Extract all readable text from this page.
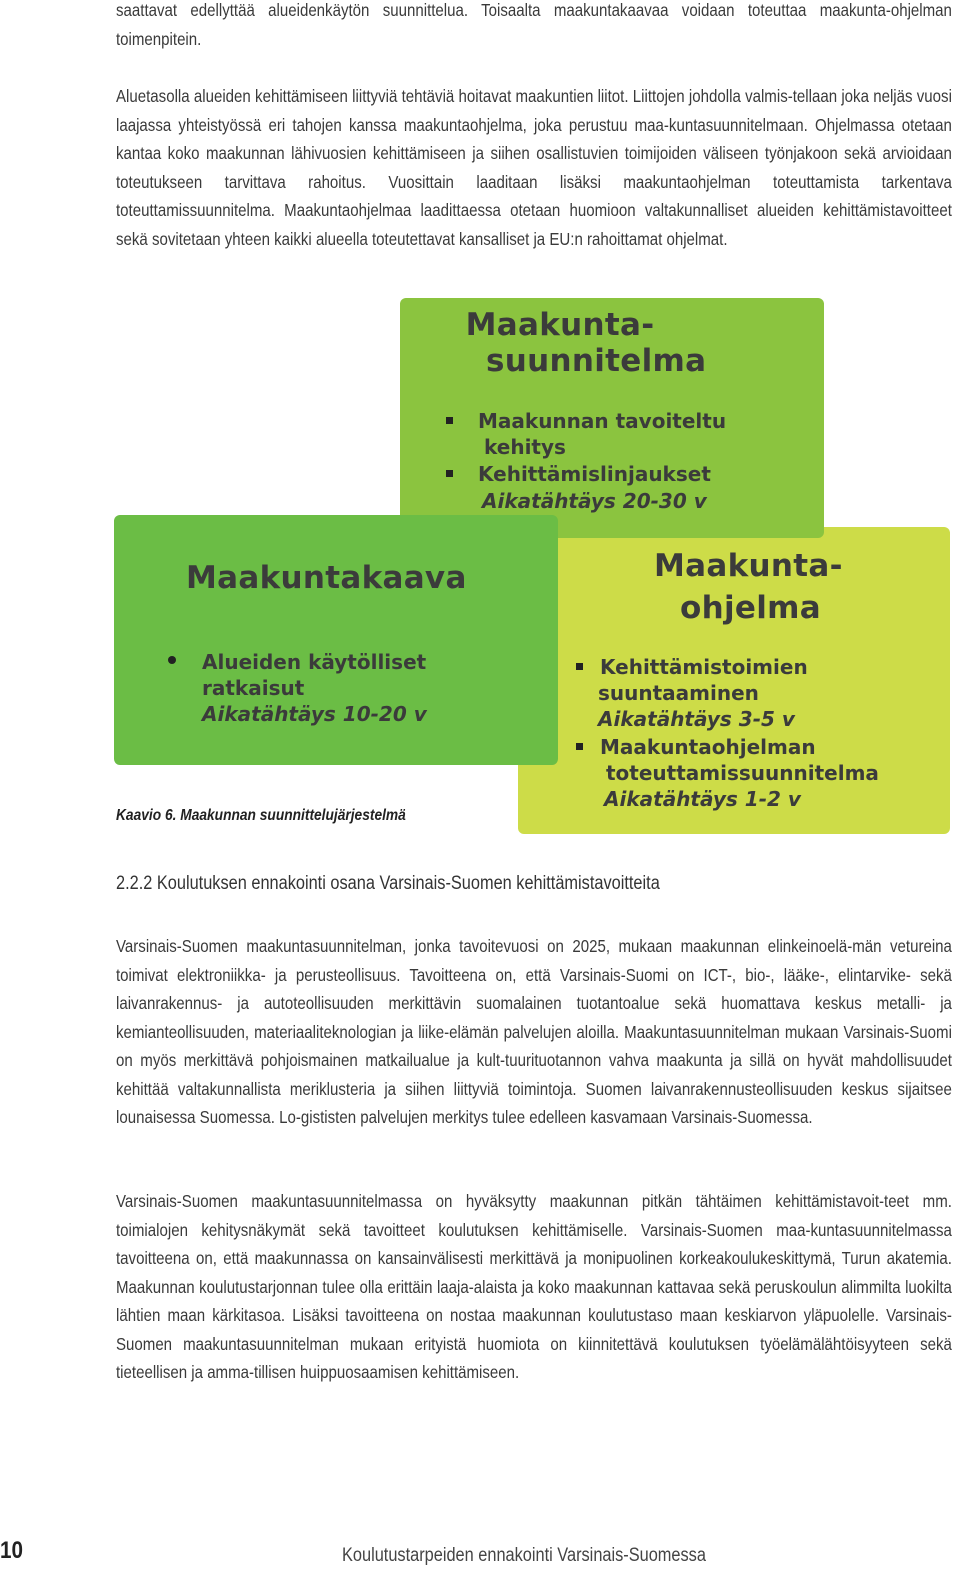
saattavat edellyttää alueidenkäytön suunnittelua. Toisaalta maakuntakaavaa voidaan toteuttaa maakunta-ohjelman toimenpitein.

Aluetasolla alueiden kehittämiseen liittyviä tehtäviä hoitavat maakuntien liitot. Liittojen johdolla valmis-tellaan joka neljäs vuosi laajassa yhteistyössä eri tahojen kanssa maakuntaohjelma, joka perustuu maa-kuntasuunnitelmaan. Ohjelmassa otetaan kantaa koko maakunnan lähivuosien kehittämiseen ja siihen osallistuvien toimijoiden väliseen työnjakoon sekä arvioidaan toteutukseen tarvittava rahoitus. Vuosittain laaditaan lisäksi maakuntaohjelman toteuttamista tarkentava toteuttamissuunnitelma. Maakuntaohjelmaa laadittaessa otetaan huomioon valtakunnalliset alueiden kehittämistavoitteet sekä sovitetaan yhteen kaikki alueella toteutettavat kansalliset ja EU:n rahoittamat ohjelmat.

Maakunta-

suunnitelma

Maakunnan tavoiteltu

kehitys

Kehittämislinjaukset

Aikatähtäys 20-30 v

Maakunta-

ohjelma

Kehittämistoimien

suuntaaminen

Aikatähtäys 3-5 v

Maakuntaohjelman

toteuttamissuunnitelma

Aikatähtäys 1-2 v

Maakuntakaava

Alueiden käytölliset

ratkaisut

Aikatähtäys 10-20 v

Kaavio 6. Maakunnan suunnittelujärjestelmä

2.2.2 Koulutuksen ennakointi osana Varsinais-Suomen kehittämistavoitteita

Varsinais-Suomen maakuntasuunnitelman, jonka tavoitevuosi on 2025, mukaan maakunnan elinkeinoelä-män vetureina toimivat elektroniikka- ja perusteollisuus. Tavoitteena on, että Varsinais-Suomi on ICT-, bio-, lääke-, elintarvike- sekä laivanrakennus- ja autoteollisuuden merkittävin suomalainen tuotantoalue sekä huomattava keskus metalli- ja kemianteollisuuden, materiaaliteknologian ja liike-elämän palvelujen aloilla. Maakuntasuunnitelman mukaan Varsinais-Suomi on myös merkittävä pohjoismainen matkailualue ja kult-tuurituotannon vahva maakunta ja sillä on hyvät mahdollisuudet kehittää valtakunnallista meriklusteria ja siihen liittyviä toimintoja. Suomen laivanrakennusteollisuuden keskus sijaitsee lounaisessa Suomessa. Lo-gististen palvelujen merkitys tulee edelleen kasvamaan Varsinais-Suomessa.

Varsinais-Suomen maakuntasuunnitelmassa on hyväksytty maakunnan pitkän tähtäimen kehittämistavoit-teet mm. toimialojen kehitysnäkymät sekä tavoitteet koulutuksen kehittämiselle. Varsinais-Suomen maa-kuntasuunnitelmassa tavoitteena on, että maakunnassa on kansainvälisesti merkittävä ja monipuolinen korkeakoulukeskittymä, Turun akatemia. Maakunnan koulutustarjonnan tulee olla erittäin laaja-alaista ja koko maakunnan kattavaa sekä peruskoulun alimmilta luokilta lähtien maan kärkitasoa. Lisäksi tavoitteena on nostaa maakunnan koulutustaso maan keskiarvon yläpuolelle. Varsinais-Suomen maakuntasuunnitelman mukaan erityistä huomiota on kiinnitettävä koulutuksen työelämälähtöisyyteen sekä tieteellisen ja amma-tillisen huippuosaamisen kehittämiseen.

10	Koulutustarpeiden ennakointi Varsinais-Suomessa
